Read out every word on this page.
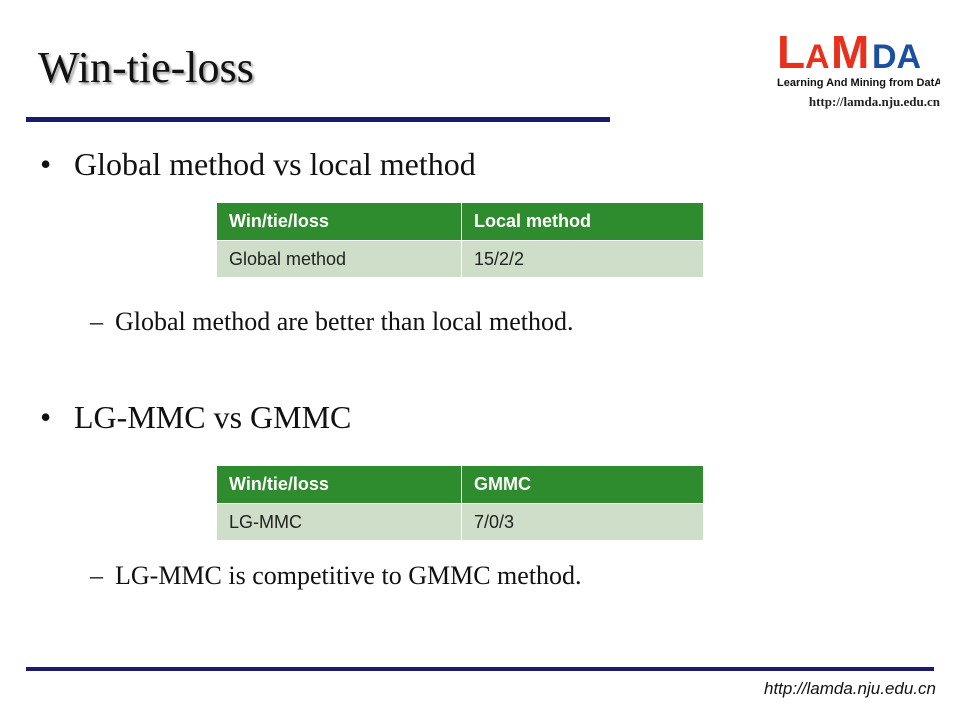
Win-tie-loss	L A M DA
Learning And Mining from DatA
http://lamda.nju.edu.cn
• Global method vs local method
Win/tie/loss	Local method
Global method	15/2/2
– Global method are better than local method.
• LG-MMC vs GMMC
Win/tie/loss	GMMC
LG-MMC	7/0/3
– LG-MMC is competitive to GMMC method.
http://lamda.nju.edu.cn
